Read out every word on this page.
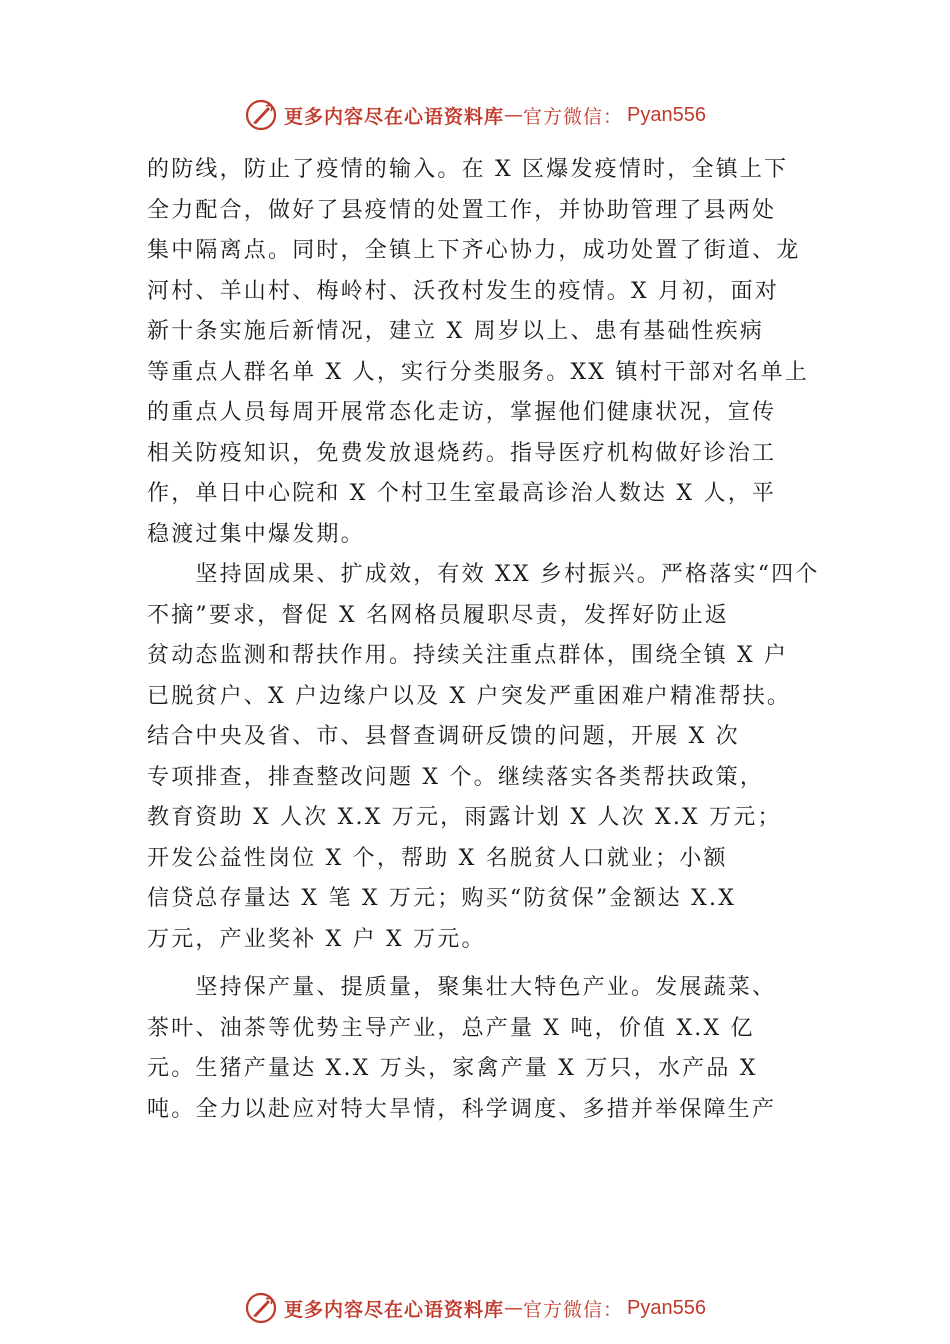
更多内容尽在心语资料库 — 官方微信： Pyan556
的防线，防止了疫情的输入。在 X 区爆发疫情时，全镇上下
全力配合，做好了县疫情的处置工作，并协助管理了县两处
集中隔离点。同时，全镇上下齐心协力，成功处置了街道、龙
河村、羊山村、梅岭村、沃孜村发生的疫情。X 月初，面对
新十条实施后新情况，建立 X 周岁以上、患有基础性疾病
等重点人群名单 X 人，实行分类服务。XX 镇村干部对名单上
的重点人员每周开展常态化走访，掌握他们健康状况，宣传
相关防疫知识，免费发放退烧药。指导医疗机构做好诊治工
作，单日中心院和 X 个村卫生室最高诊治人数达 X 人，平
稳渡过集中爆发期。
　　坚持固成果、扩成效，有效 XX 乡村振兴。严格落实“四个
不摘”要求，督促 X 名网格员履职尽责，发挥好防止返
贫动态监测和帮扶作用。持续关注重点群体，围绕全镇 X 户
已脱贫户、X 户边缘户以及 X 户突发严重困难户精准帮扶。
结合中央及省、市、县督查调研反馈的问题，开展 X 次
专项排查，排查整改问题 X 个。继续落实各类帮扶政策，
教育资助 X 人次 X.X 万元，雨露计划 X 人次 X.X 万元；
开发公益性岗位 X 个，帮助 X 名脱贫人口就业；小额
信贷总存量达 X 笔 X 万元；购买“防贫保”金额达 X.X
万元，产业奖补 X 户 X 万元。
　　坚持保产量、提质量，聚集壮大特色产业。发展蔬菜、
茶叶、油茶等优势主导产业，总产量 X 吨，价值 X.X 亿
元。生猪产量达 X.X 万头，家禽产量 X 万只，水产品 X
吨。全力以赴应对特大旱情，科学调度、多措并举保障生产
更多内容尽在心语资料库 — 官方微信： Pyan556
